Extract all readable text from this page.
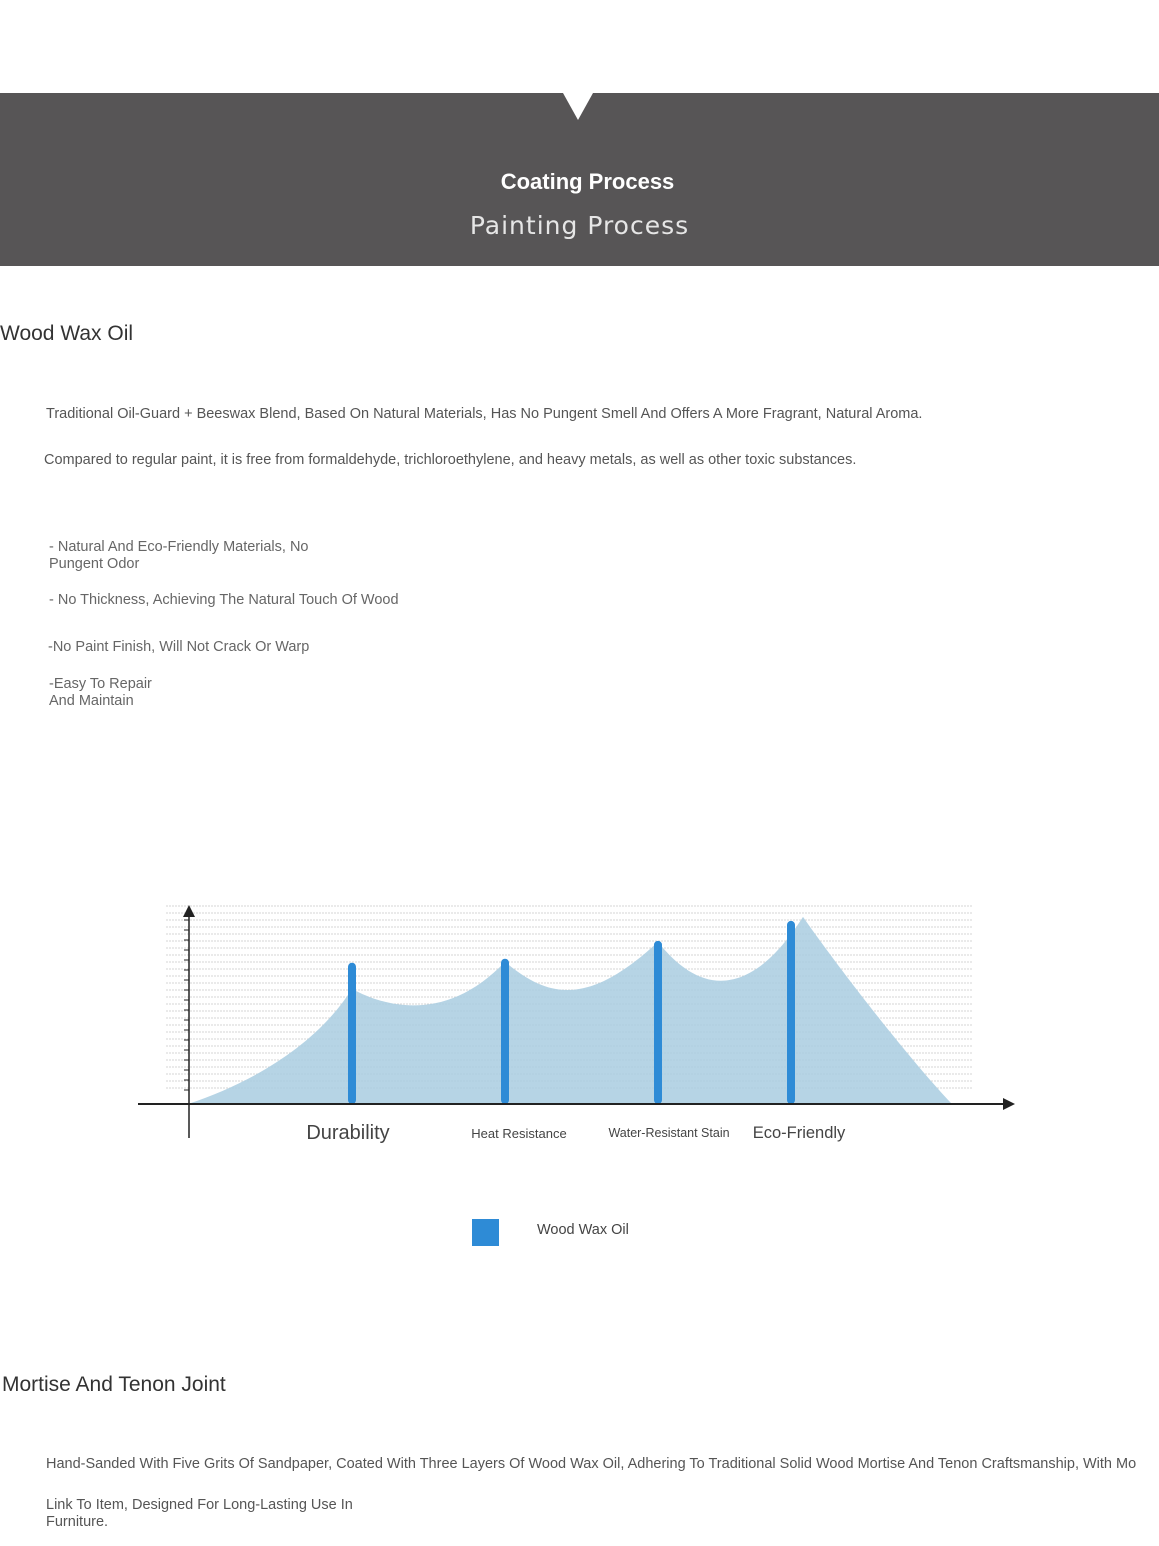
Coating Process
Painting Process
Wood Wax Oil
Traditional Oil-Guard + Beeswax Blend, Based On Natural Materials, Has No Pungent Smell And Offers A More Fragrant, Natural Aroma.
Compared to regular paint, it is free from formaldehyde, trichloroethylene, and heavy metals, as well as other toxic substances.
- Natural And Eco-Friendly Materials, No Pungent Odor
- No Thickness, Achieving The Natural Touch Of Wood
-No Paint Finish, Will Not Crack Or Warp
-Easy To Repair And Maintain
Durability	Heat Resistance	Water-Resistant Stain Eco-Friendly
Wood Wax Oil
Mortise And Tenon Joint
Hand-Sanded With Five Grits Of Sandpaper, Coated With Three Layers Of Wood Wax Oil, Adhering To Traditional Solid Wood Mortise And Tenon Craftsmanship, With Mo
Link To Item, Designed For Long-Lasting Use In Furniture.
